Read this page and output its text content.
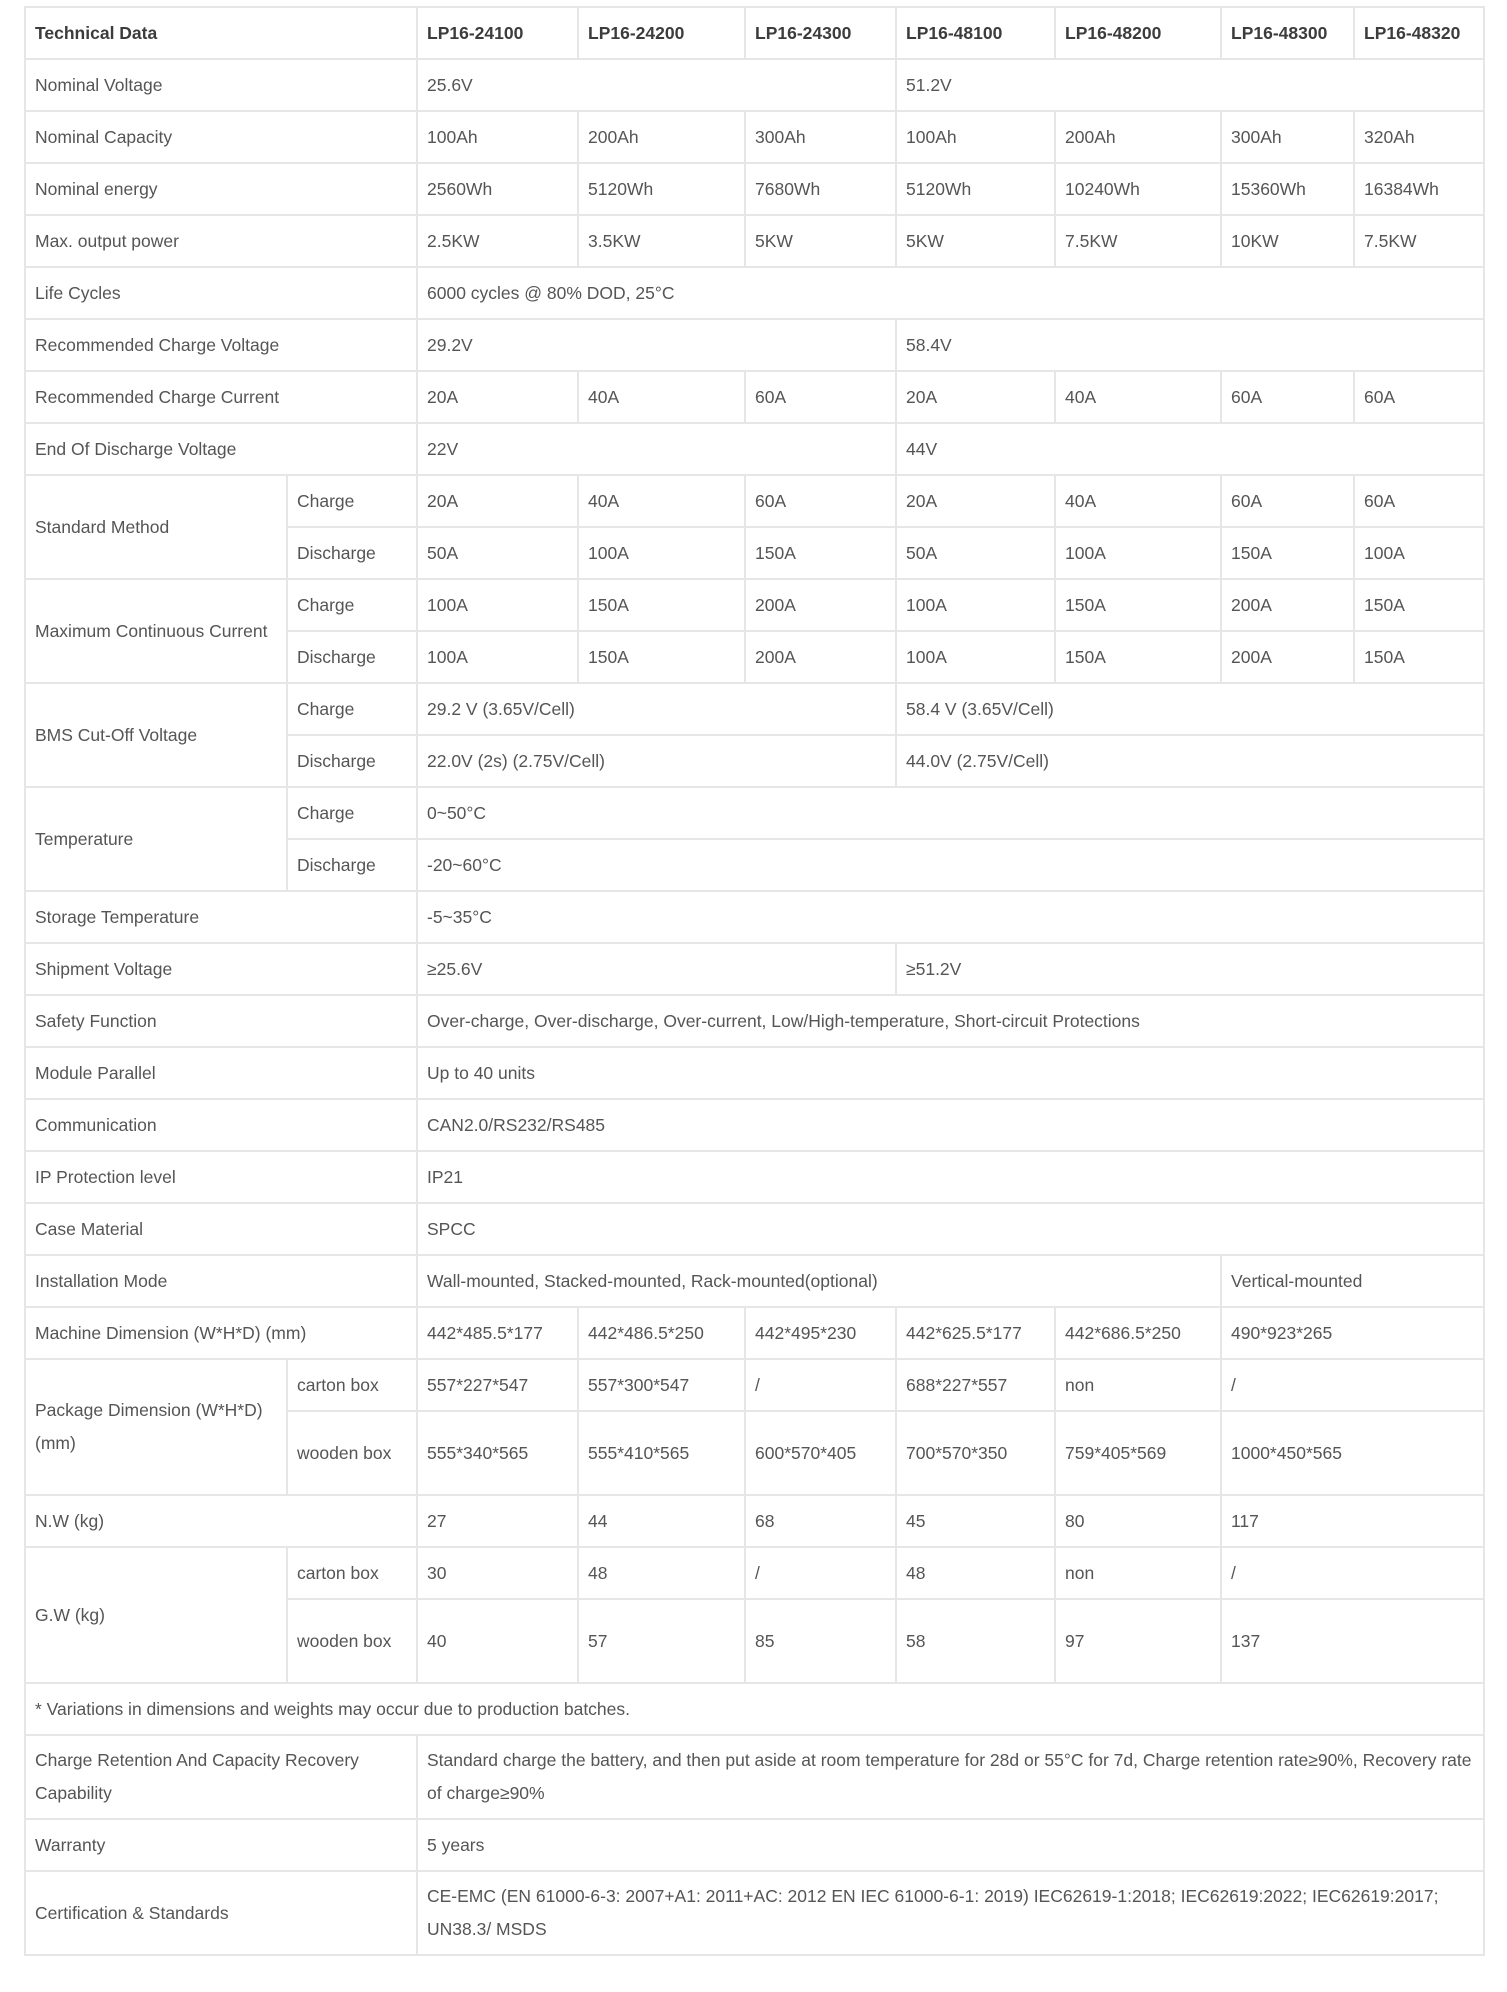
Technical Data		LP16-24100	LP16-24200	LP16-24300	LP16-48100	LP16-48200	LP16-48300	LP16-48320
Nominal Voltage		25.6V			51.2V			
Nominal Capacity		100Ah	200Ah	300Ah	100Ah	200Ah	300Ah	320Ah
Nominal energy		2560Wh	5120Wh	7680Wh	5120Wh	10240Wh	15360Wh	16384Wh
Max. output power		2.5KW	3.5KW	5KW	5KW	7.5KW	10KW	7.5KW
Life Cycles		6000 cycles @ 80% DOD, 25°C						
Recommended Charge Voltage		29.2V			58.4V			
Recommended Charge Current		20A	40A	60A	20A	40A	60A	60A
End Of Discharge Voltage		22V			44V			
Standard Method	Charge	20A	40A	60A	20A	40A	60A	60A
	Discharge	50A	100A	150A	50A	100A	150A	100A
Maximum Continuous Current	Charge	100A	150A	200A	100A	150A	200A	150A
	Discharge	100A	150A	200A	100A	150A	200A	150A
BMS Cut-Off Voltage	Charge	29.2 V (3.65V/Cell)			58.4 V (3.65V/Cell)			
	Discharge	22.0V (2s) (2.75V/Cell)			44.0V (2.75V/Cell)			
Temperature	Charge	0~50°C						
	Discharge	-20~60°C						
Storage Temperature		-5~35°C						
Shipment Voltage		≥25.6V			≥51.2V			
Safety Function		Over-charge, Over-discharge, Over-current, Low/High-temperature, Short-circuit Protections						
Module Parallel		Up to 40 units						
Communication		CAN2.0/RS232/RS485						
IP Protection level		IP21						
Case Material		SPCC						
Installation Mode		Wall-mounted, Stacked-mounted, Rack-mounted(optional)					Vertical-mounted	
Machine Dimension (W*H*D) (mm)		442*485.5*177	442*486.5*250	442*495*230	442*625.5*177	442*686.5*250	490*923*265	
Package Dimension (W*H*D) (mm)	carton box	557*227*547	557*300*547	/	688*227*557	non	/	
	wooden box	555*340*565	555*410*565	600*570*405	700*570*350	759*405*569	1000*450*565	
N.W (kg)		27	44	68	45	80	117	
G.W (kg)	carton box	30	48	/	48	non	/	
	wooden box	40	57	85	58	97	137	
* Variations in dimensions and weights may occur due to production batches.								
Charge Retention And Capacity Recovery Capability		Standard charge the battery, and then put aside at room temperature for 28d or 55°C for 7d, Charge retention rate≥90%, Recovery rate of charge≥90%						
Warranty		5 years						
Certification & Standards		CE-EMC (EN 61000-6-3: 2007+A1: 2011+AC: 2012 EN IEC 61000-6-1: 2019) IEC62619-1:2018; IEC62619:2022; IEC62619:2017; UN38.3/ MSDS						
